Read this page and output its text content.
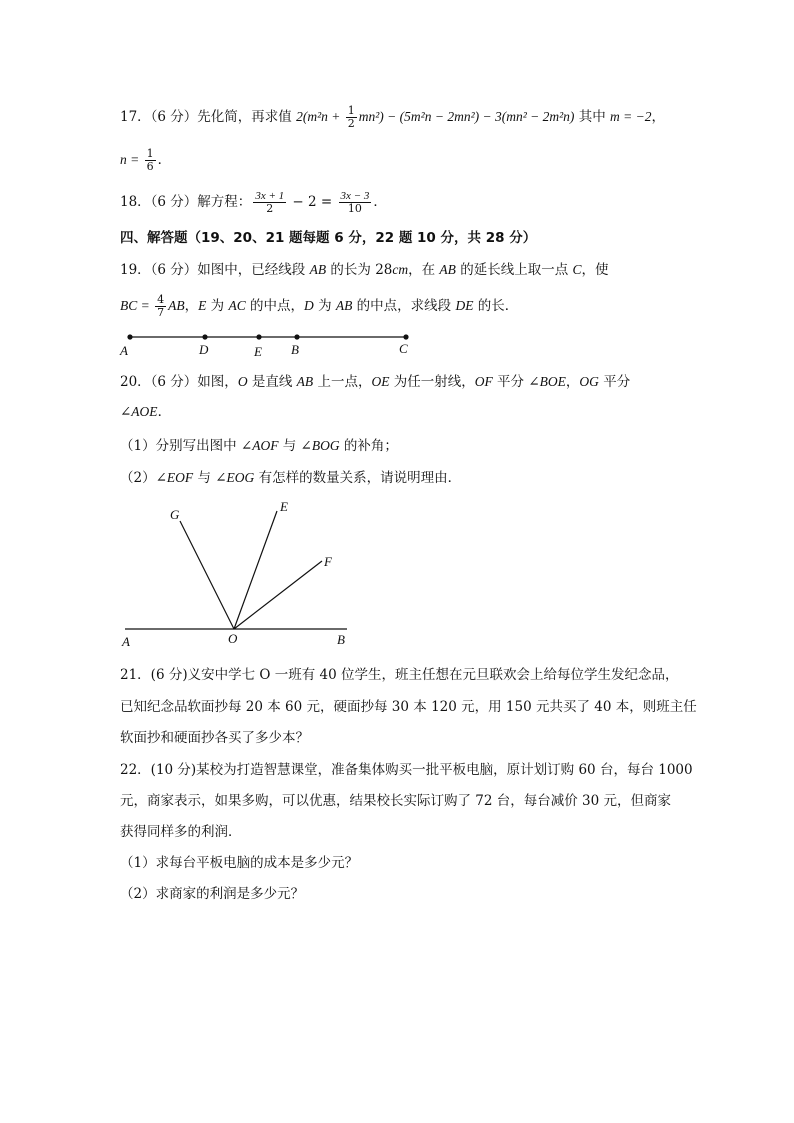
17．（6 分）先化简，再求值 $2(m^2n + \frac{1}{2} mn^2) - (5m^2n - 2mn^2) - 3(mn^2 - 2m^2n)$ 其中 m = −2，
$n = \frac{1}{6}$ ．
18．（6 分）解方程： $\frac{3x + 1}{2} - 2 = \frac{3x - 3}{10}$ ．
四、解答题（19、20、21 题每题 6 分，22 题 10 分，共 28 分）
19．（6 分）如图中，已经线段 AB 的长为 28cm，在 AB 的延长线上取一点 C，使
BC = $\frac{4}{7}$ AB，E 为 AC 的中点，D 为 AB 的中点，求线段 DE 的长．
A	D	E B	C
20．（6 分）如图，O 是直线 AB 上一点，OE 为任一射线，OF 平分 ∠BOE，OG 平分
∠AOE．
（1）分别写出图中 ∠AOF 与 ∠BOG 的补角；
（2）∠EOF 与 ∠EOG 有怎样的数量关系，请说明理由．
G
E
F
A	O	B
21．(6 分)义安中学七 O 一班有 40 位学生，班主任想在元旦联欢会上给每位学生发纪念品，
已知纪念品软面抄每 20 本 60 元，硬面抄每 30 本 120 元，用 150 元共买了 40 本，则班主任
软面抄和硬面抄各买了多少本？
22．(10 分)某校为打造智慧课堂，准备集体购买一批平板电脑，原计划订购 60 台，每台 1000
元，商家表示，如果多购，可以优惠，结果校长实际订购了 72 台，每台减价 30 元，但商家
获得同样多的利润．
（1）求每台平板电脑的成本是多少元？
（2）求商家的利润是多少元？
